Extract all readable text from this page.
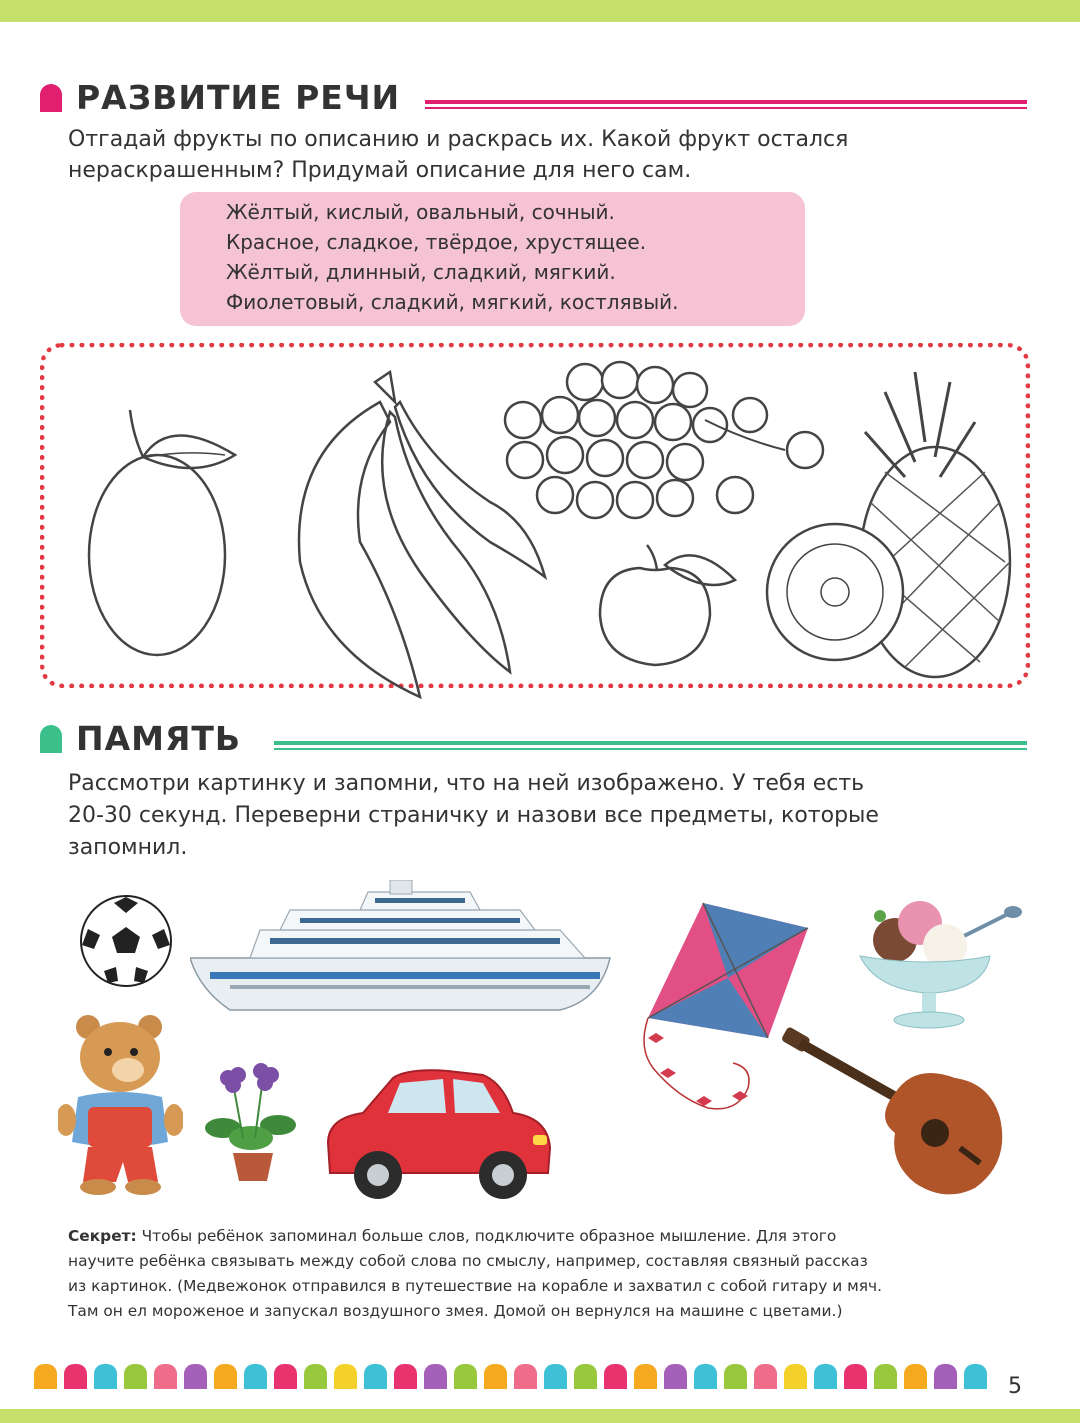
РАЗВИТИЕ РЕЧИ
Отгадай фрукты по описанию и раскрась их. Какой фрукт остался
нераскрашенным? Придумай описание для него сам.
Жёлтый, кислый, овальный, сочный.
Красное, сладкое, твёрдое, хрустящее.
Жёлтый, длинный, сладкий, мягкий.
Фиолетовый, сладкий, мягкий, костлявый.
ПАМЯТЬ
Рассмотри картинку и запомни, что на ней изображено. У тебя есть
20-30 секунд. Переверни страничку и назови все предметы, которые
запомнил.
Секрет: Чтобы ребёнок запоминал больше слов, подключите образное мышление. Для этого
научите ребёнка связывать между собой слова по смыслу, например, составляя связный рассказ
из картинок. (Медвежонок отправился в путешествие на корабле и захватил с собой гитару и мяч.
Там он ел мороженое и запускал воздушного змея. Домой он вернулся на машине с цветами.)
5
